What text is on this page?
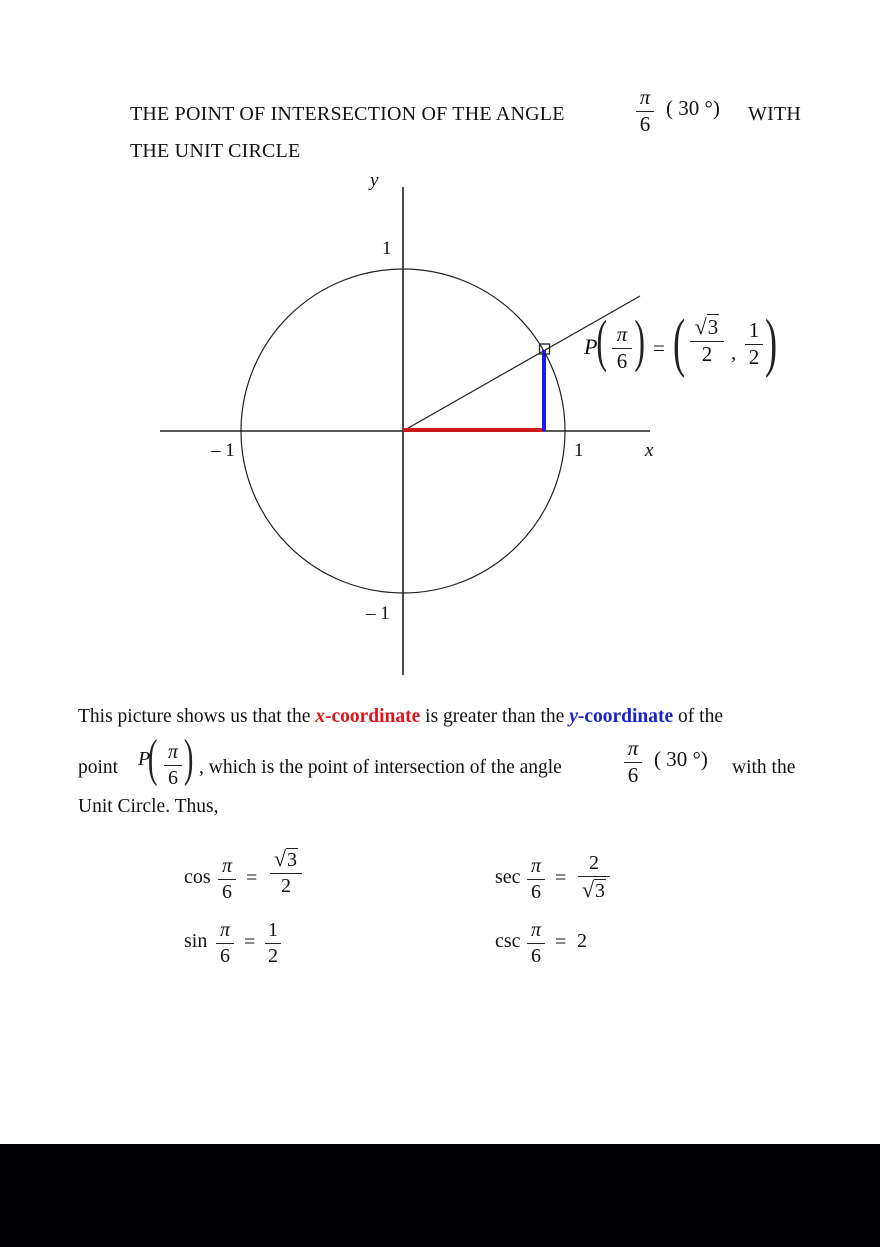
THE POINT OF INTERSECTION OF THE ANGLE
π
6
( 30 °) WITH
THE UNIT CIRCLE
y
x
1
– 1
1
– 1
P
( π
6 ) = ( √3
2 ,
1
2 )
This picture shows us that the x-coordinate is greater than the y-coordinate of the
point P
( π
6 ) , which is the point of intersection of the angle
π
6
( 30 °) with the
Unit Circle. Thus,
cos π
6
=
√3
2
sin π
6
=
1
2
sec π
6
=
2
√3
csc π
6
= 2
